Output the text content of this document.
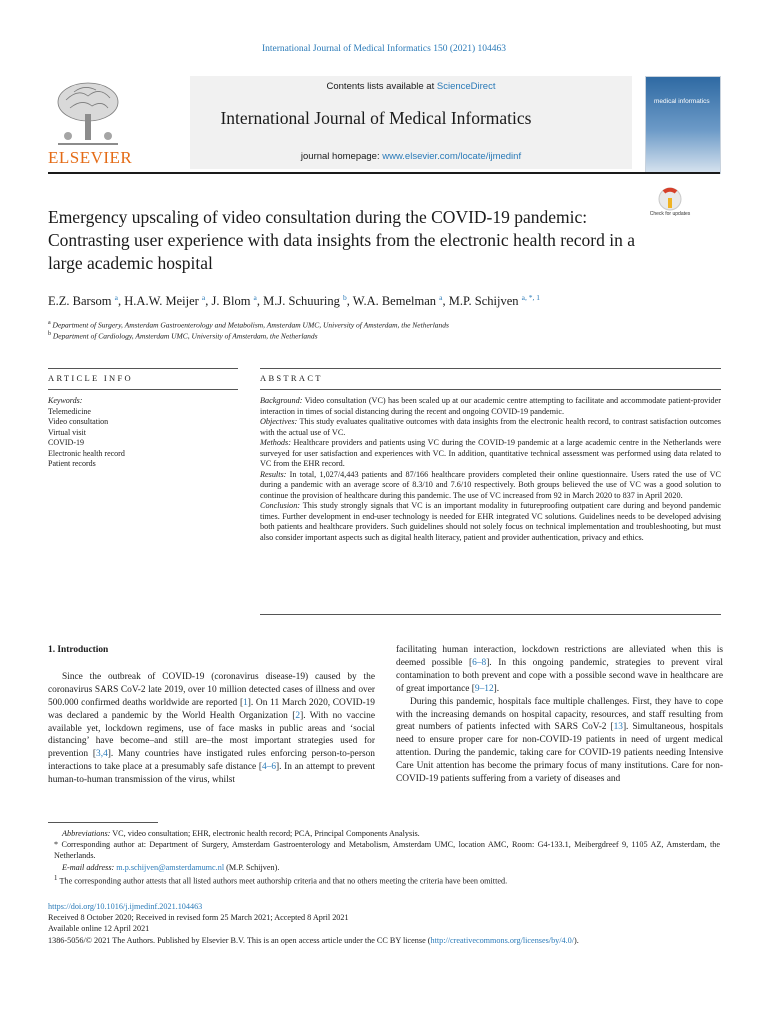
International Journal of Medical Informatics 150 (2021) 104463
ELSEVIER
Contents lists available at ScienceDirect
International Journal of Medical Informatics
journal homepage: www.elsevier.com/locate/ijmedinf
medical informatics
Emergency upscaling of video consultation during the COVID-19 pandemic: Contrasting user experience with data insights from the electronic health record in a large academic hospital
Check for updates
E.Z. Barsom $^a$, H.A.W. Meijer $^a$, J. Blom $^a$, M.J. Schuuring $^b$, W.A. Bemelman $^a$, M.P. Schijven $^{a, *, 1}$
$^a$ Department of Surgery, Amsterdam Gastroenterology and Metabolism, Amsterdam UMC, University of Amsterdam, the Netherlands
$^b$ Department of Cardiology, Amsterdam UMC, University of Amsterdam, the Netherlands
ARTICLE INFO	ABSTRACT
Keywords:
Telemedicine
Video consultation
Virtual visit
COVID-19
Electronic health record
Patient records

Background: Video consultation (VC) has been scaled up at our academic centre attempting to facilitate and accommodate patient-provider interaction in times of social distancing during the recent and ongoing COVID-19 pandemic.

Objectives: This study evaluates qualitative outcomes with data insights from the electronic health record, to contrast satisfaction outcomes with the actual use of VC.

Methods: Healthcare providers and patients using VC during the COVID-19 pandemic at a large academic centre in the Netherlands were surveyed for user satisfaction and experiences with VC. In addition, quantitative technical assessment was performed using data related to VC from the EHR record.

Results: In total, 1,027/4,443 patients and 87/166 healthcare providers completed their online questionnaire. Users rated the use of VC during a pandemic with an average score of 8.3/10 and 7.6/10 respectively. Both groups believed the use of VC was a good solution to continue the provision of healthcare during this pandemic. The use of VC increased from 92 in March 2020 to 837 in April 2020.

Conclusion: This study strongly signals that VC is an important modality in futureproofing outpatient care during and beyond pandemic times. Further development in end-user technology is needed for EHR integrated VC solutions. Guidelines needs to be developed advising both patients and healthcare providers. Such guidelines should not solely focus on technical implementation and troubleshooting, but must also consider important aspects such as digital health literacy, patient and provider authentication, privacy and ethics.

1. Introduction

Since the outbreak of COVID-19 (coronavirus disease-19) caused by the coronavirus SARS CoV-2 late 2019, over 10 million detected cases of illness and over 500.000 confirmed deaths worldwide are reported [1]. On 11 March 2020, COVID-19 was declared a pandemic by the World Health Organization [2]. With no vaccine available yet, lockdown regimens, use of face masks in public areas and ‘social distancing’ have become–and still are–the most important strategies used for prevention [3,4]. Many countries have instigated rules enforcing person-to-person interactions to take place at a presumably safe distance [4–6]. In an attempt to prevent human-to-human transmission of the virus, whilst

facilitating human interaction, lockdown restrictions are alleviated when this is deemed possible [6–8]. In this ongoing pandemic, strategies to prevent viral contamination to both prevent and cope with a possible second wave in healthcare are of great importance [9–12].

During this pandemic, hospitals face multiple challenges. First, they have to cope with the increasing demands on hospital capacity, resources, and staff resulting from great numbers of patients infected with SARS CoV-2 [13]. Simultaneous, hospitals need to ensure proper care for non-COVID-19 patients in need of urgent medical attention. During the pandemic, taking care for COVID-19 patients needing Intensive Care Unit attention has become the primary focus of many institutions. Care for non-COVID-19 patients suffering from a variety of diseases and

Abbreviations: VC, video consultation; EHR, electronic health record; PCA, Principal Components Analysis.

* Corresponding author at: Department of Surgery, Amsterdam Gastroenterology and Metabolism, Amsterdam UMC, location AMC, Room: G4-133.1, Meibergdreef 9, 1105 AZ, Amsterdam, the Netherlands.

E-mail address: m.p.schijven@amsterdamumc.nl (M.P. Schijven).

$^1$ The corresponding author attests that all listed authors meet authorship criteria and that no others meeting the criteria have been omitted.

https://doi.org/10.1016/j.ijmedinf.2021.104463

Received 8 October 2020; Received in revised form 25 March 2021; Accepted 8 April 2021

Available online 12 April 2021

1386-5056/© 2021 The Authors. Published by Elsevier B.V. This is an open access article under the CC BY license (http://creativecommons.org/licenses/by/4.0/).
